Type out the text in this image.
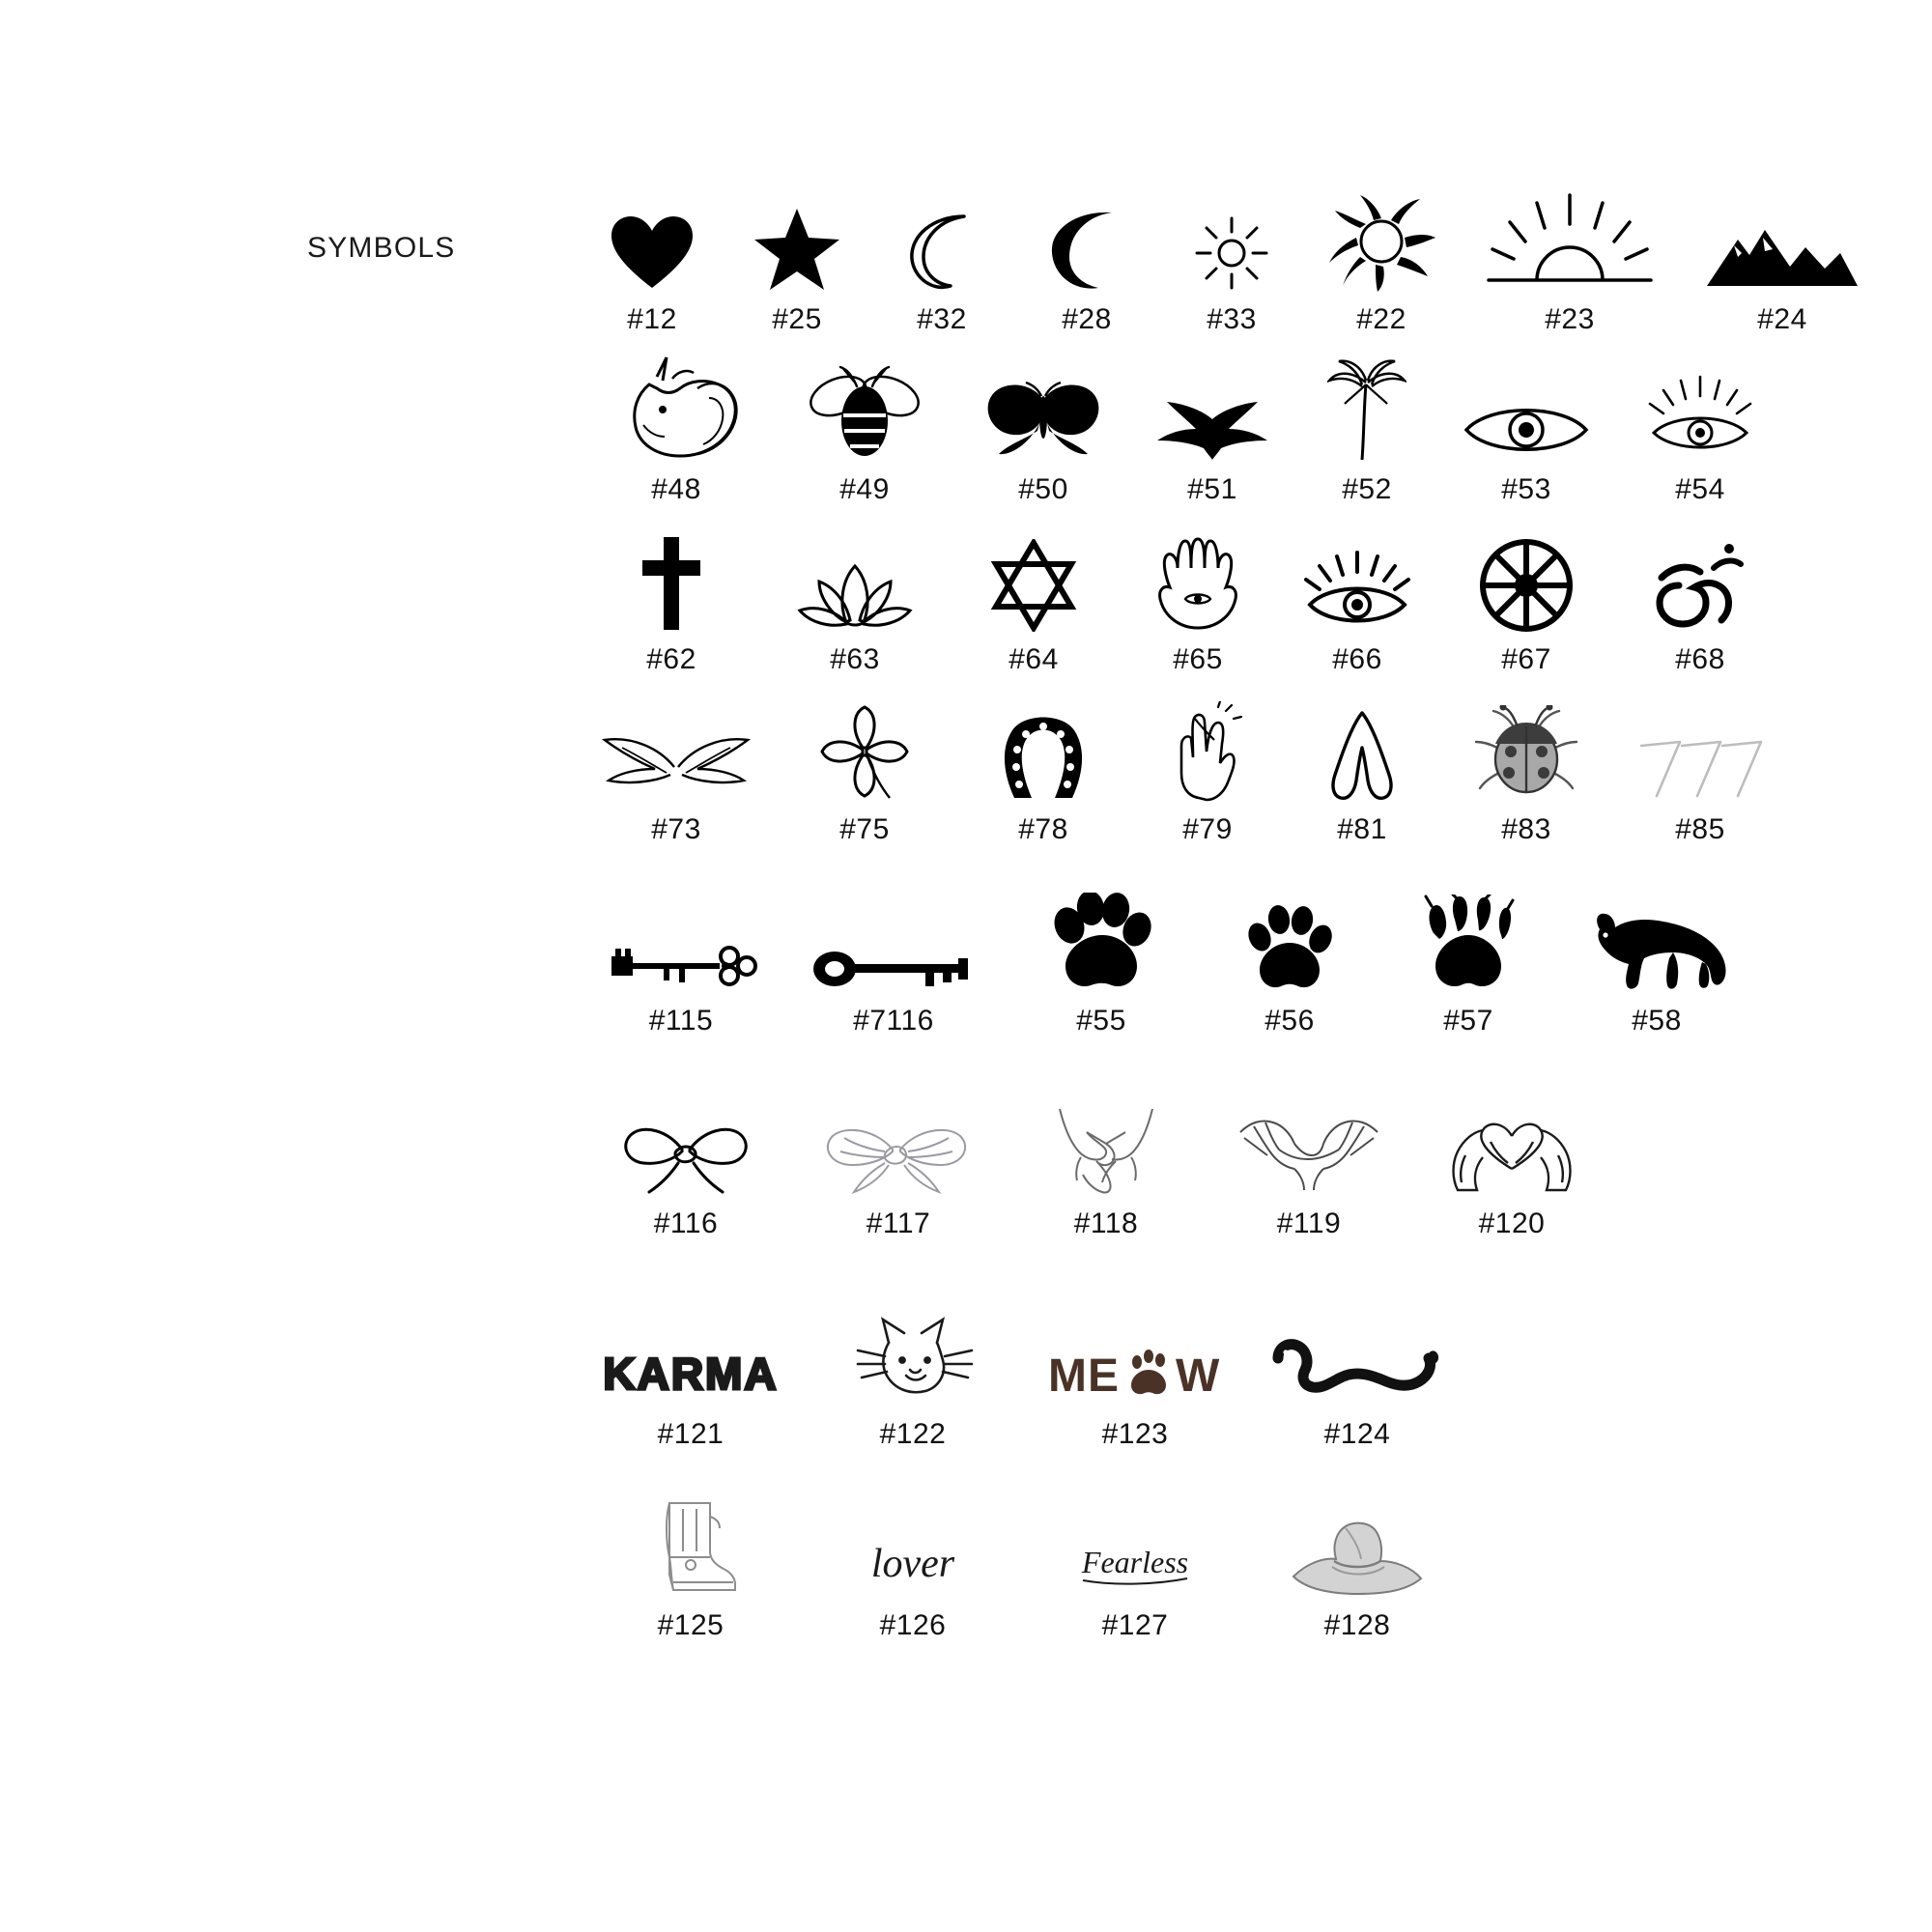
SYMBOLS
#12	#25	#32	#28	#33	#22	#23	#24
#48	#49	#50	#51	#52	#53	#54
#62	#63	#64	#65	#66	#67	#68
#73	#75	#78	#79	#81	#83	#85
#115	#7116	#55	#56	#57	#58
#116	#117	#118	#119	#120
KARMA
#121	#122
ME W
#123	#124
#125
lover
#126
Fearless
#127	#128
